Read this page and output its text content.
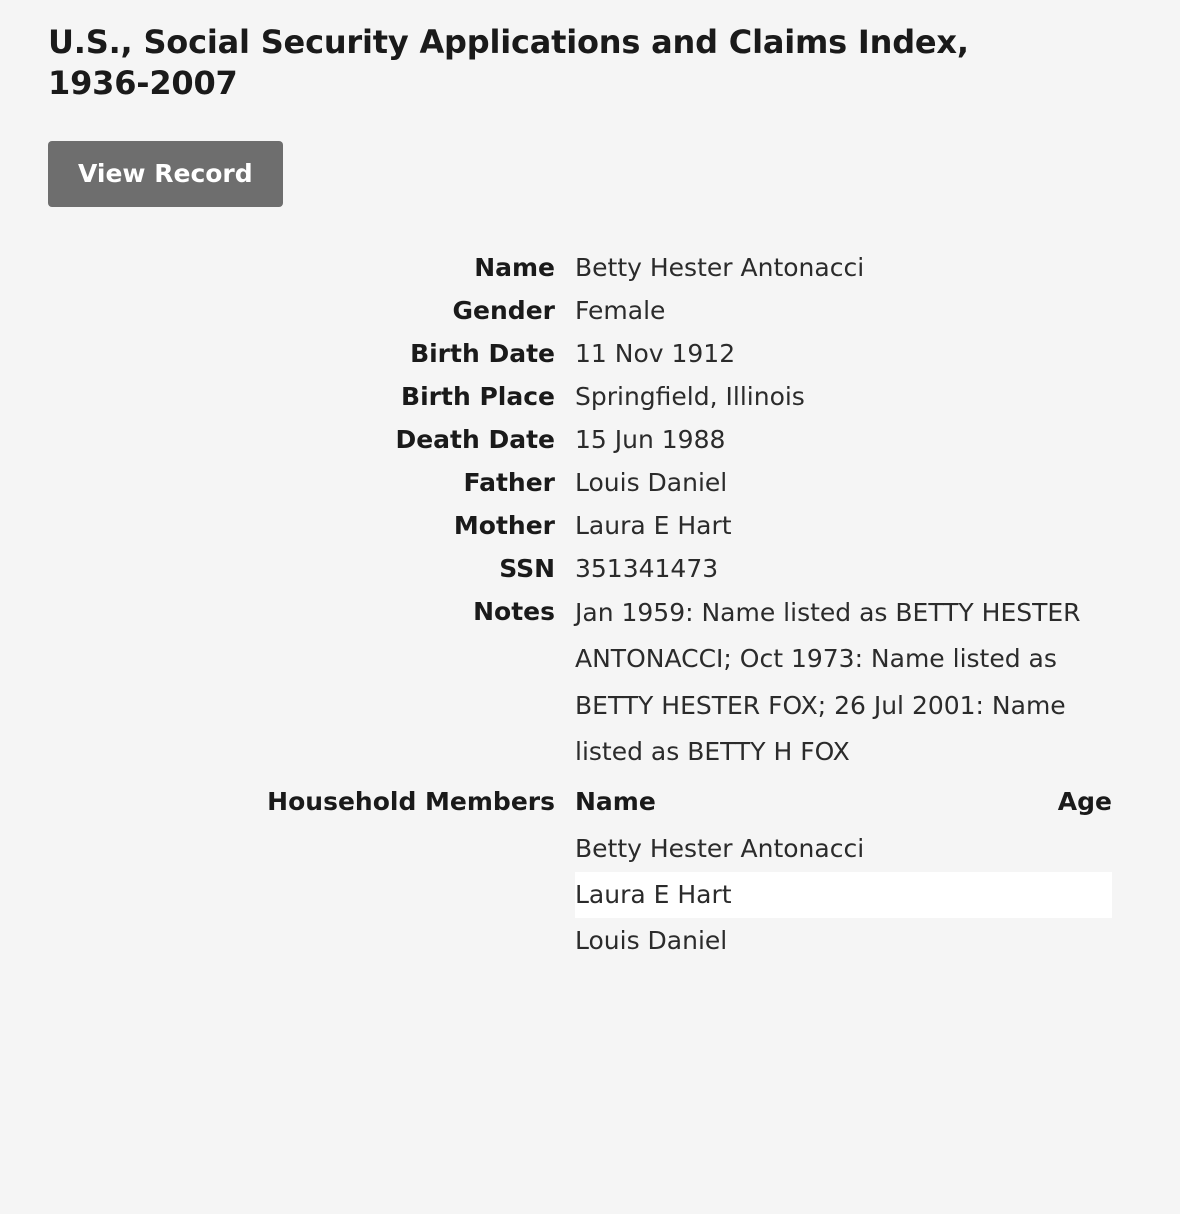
U.S., Social Security Applications and Claims Index, 1936-2007
View Record
Name Betty Hester Antonacci
Gender Female
Birth Date 11 Nov 1912
Birth Place Springfield, Illinois
Death Date 15 Jun 1988
Father Louis Daniel
Mother Laura E Hart
SSN 351341473
Notes Jan 1959: Name listed as BETTY HESTER ANTONACCI; Oct 1973: Name listed as BETTY HESTER FOX; 26 Jul 2001: Name listed as BETTY H FOX
Household Members Name	Age
Betty Hester Antonacci	
Laura E Hart	
Louis Daniel	
